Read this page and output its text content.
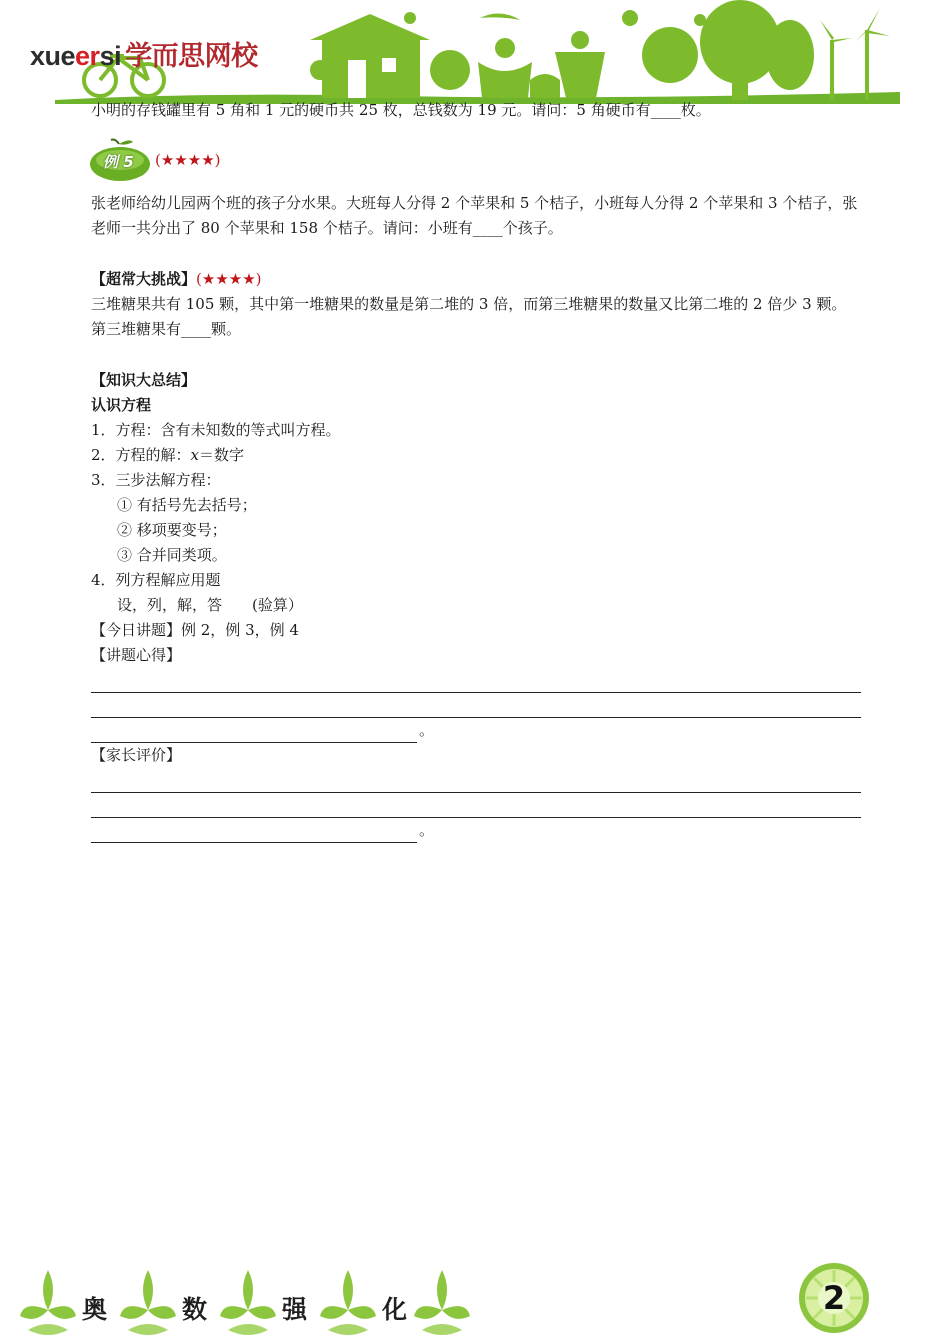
xueersi 学而思网校

小明的存钱罐里有 5 角和 1 元的硬币共 25 枚，总钱数为 19 元。请问：5 角硬币有____枚。

例 5 (★★★★)

张老师给幼儿园两个班的孩子分水果。大班每人分得 2 个苹果和 5 个桔子，小班每人分得 2 个苹果和 3 个桔子，张老师一共分出了 80 个苹果和 158 个桔子。请问：小班有____个孩子。

【超常大挑战】(★★★★)

三堆糖果共有 105 颗，其中第一堆糖果的数量是第二堆的 3 倍，而第三堆糖果的数量又比第二堆的 2 倍少 3 颗。第三堆糖果有____颗。

【知识大总结】

认识方程

1．方程：含有未知数的等式叫方程。

2．方程的解：x＝数字

3．三步法解方程：

① 有括号先去括号；

② 移项要变号；

③ 合并同类项。

4．列方程解应用题

设，列，解，答　　(验算）

【今日讲题】例 2，例 3，例 4

【讲题心得】

。

【家长评价】

。
奥	数	强	化	2
